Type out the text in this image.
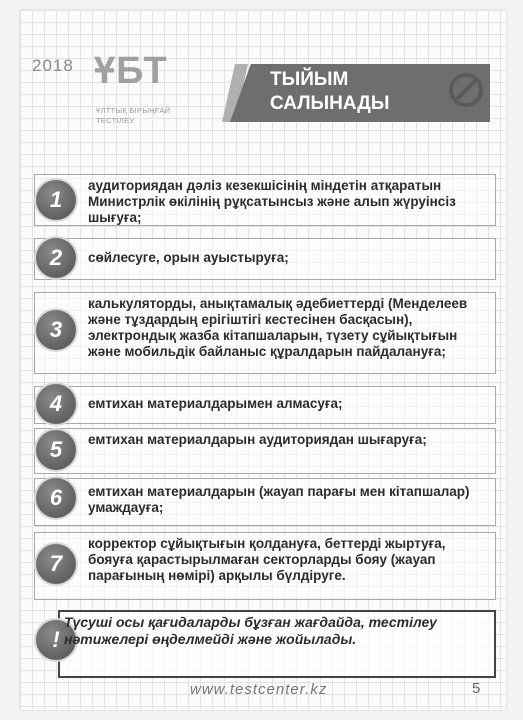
2018 ҰБТ
ҰЛТТЫҚ БІРЫҢҒАЙ ТЕСТІЛЕУ
ТЫЙЫМ САЛЫНАДЫ
1
аудиториядан дәліз кезекшісінің міндетін атқаратын Министрлік өкілінің рұқсатынсыз және алып жүруінсіз шығуға;
2	сөйлесуге, орын ауыстыруға;
3
калькуляторды, анықтамалық әдебиеттерді (Менделеев және тұздардың ерігіштігі кестесінен басқасын), электрондық жазба кітапшаларын, түзету сұйықтығын және мобильдік байланыс құралдарын пайдалануға;
4	емтихан материалдарымен алмасуға;
5	емтихан материалдарын аудиториядан шығаруға;
6	емтихан материалдарын (жауап парағы мен кітапшалар) умаждауға;
7
корректор сұйықтығын қолдануға, беттерді жыртуға, бояуға қарастырылмаған секторларды бояу (жауап парағының нөмірі) арқылы бүлдіруге.
!
Түсуші осы қағидаларды бұзған жағдайда, тестілеу нәтижелері өңделмейді және жойылады.
www.testcenter.kz	5
